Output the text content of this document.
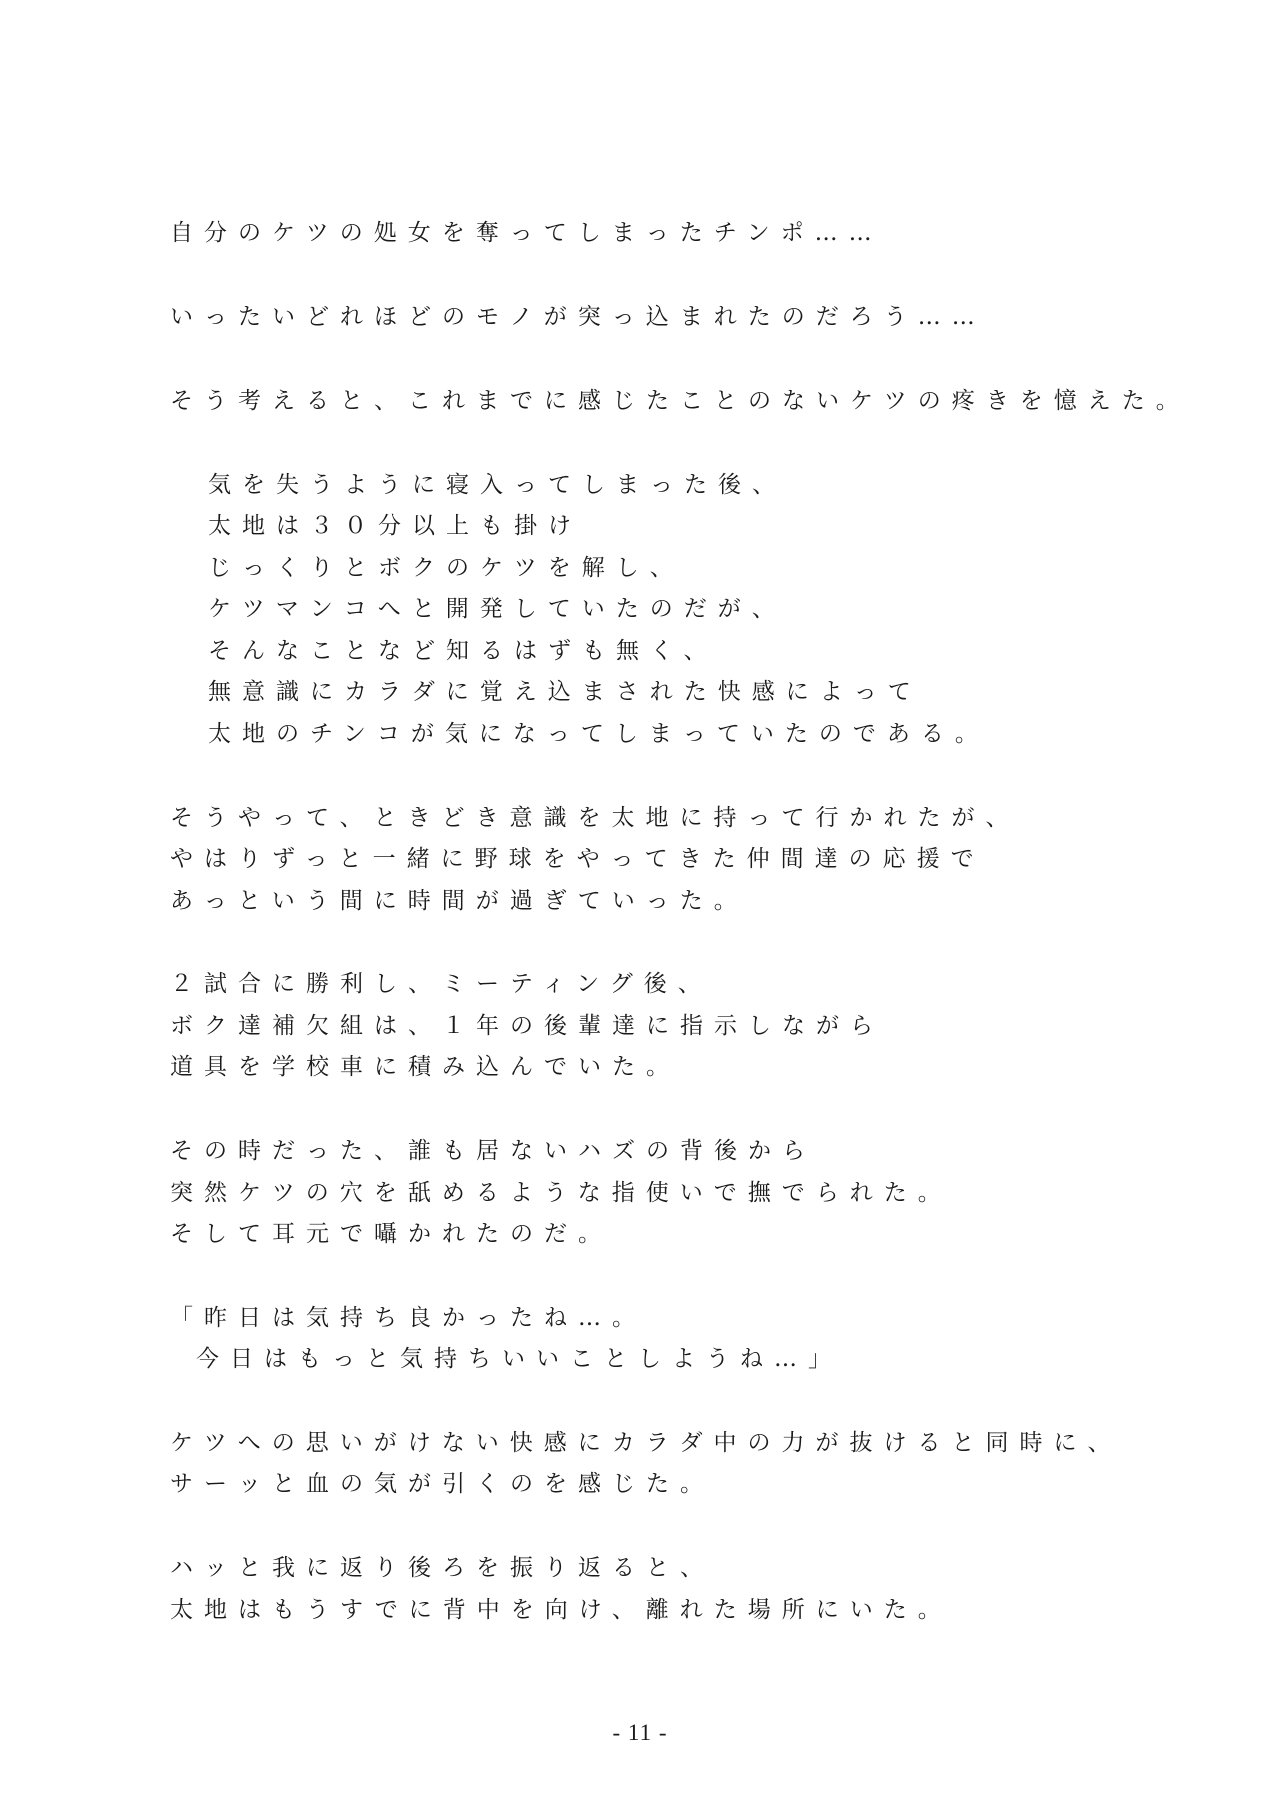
自分のケツの処女を奪ってしまったチンポ……
いったいどれほどのモノが突っ込まれたのだろう……
そう考えると、これまでに感じたことのないケツの疼きを憶えた。
気を失うように寝入ってしまった後、
太地は３０分以上も掛け
じっくりとボクのケツを解し、
ケツマンコへと開発していたのだが、
そんなことなど知るはずも無く、
無意識にカラダに覚え込まされた快感によって
太地のチンコが気になってしまっていたのである。
そうやって、ときどき意識を太地に持って行かれたが、
やはりずっと一緒に野球をやってきた仲間達の応援で
あっという間に時間が過ぎていった。
２試合に勝利し、ミーティング後、
ボク達補欠組は、１年の後輩達に指示しながら
道具を学校車に積み込んでいた。
その時だった、誰も居ないハズの背後から
突然ケツの穴を舐めるような指使いで撫でられた。
そして耳元で囁かれたのだ。
「昨日は気持ち良かったね…。
今日はもっと気持ちいいことしようね…」
ケツへの思いがけない快感にカラダ中の力が抜けると同時に、
サーッと血の気が引くのを感じた。
ハッと我に返り後ろを振り返ると、
太地はもうすでに背中を向け、離れた場所にいた。
- 11 -
